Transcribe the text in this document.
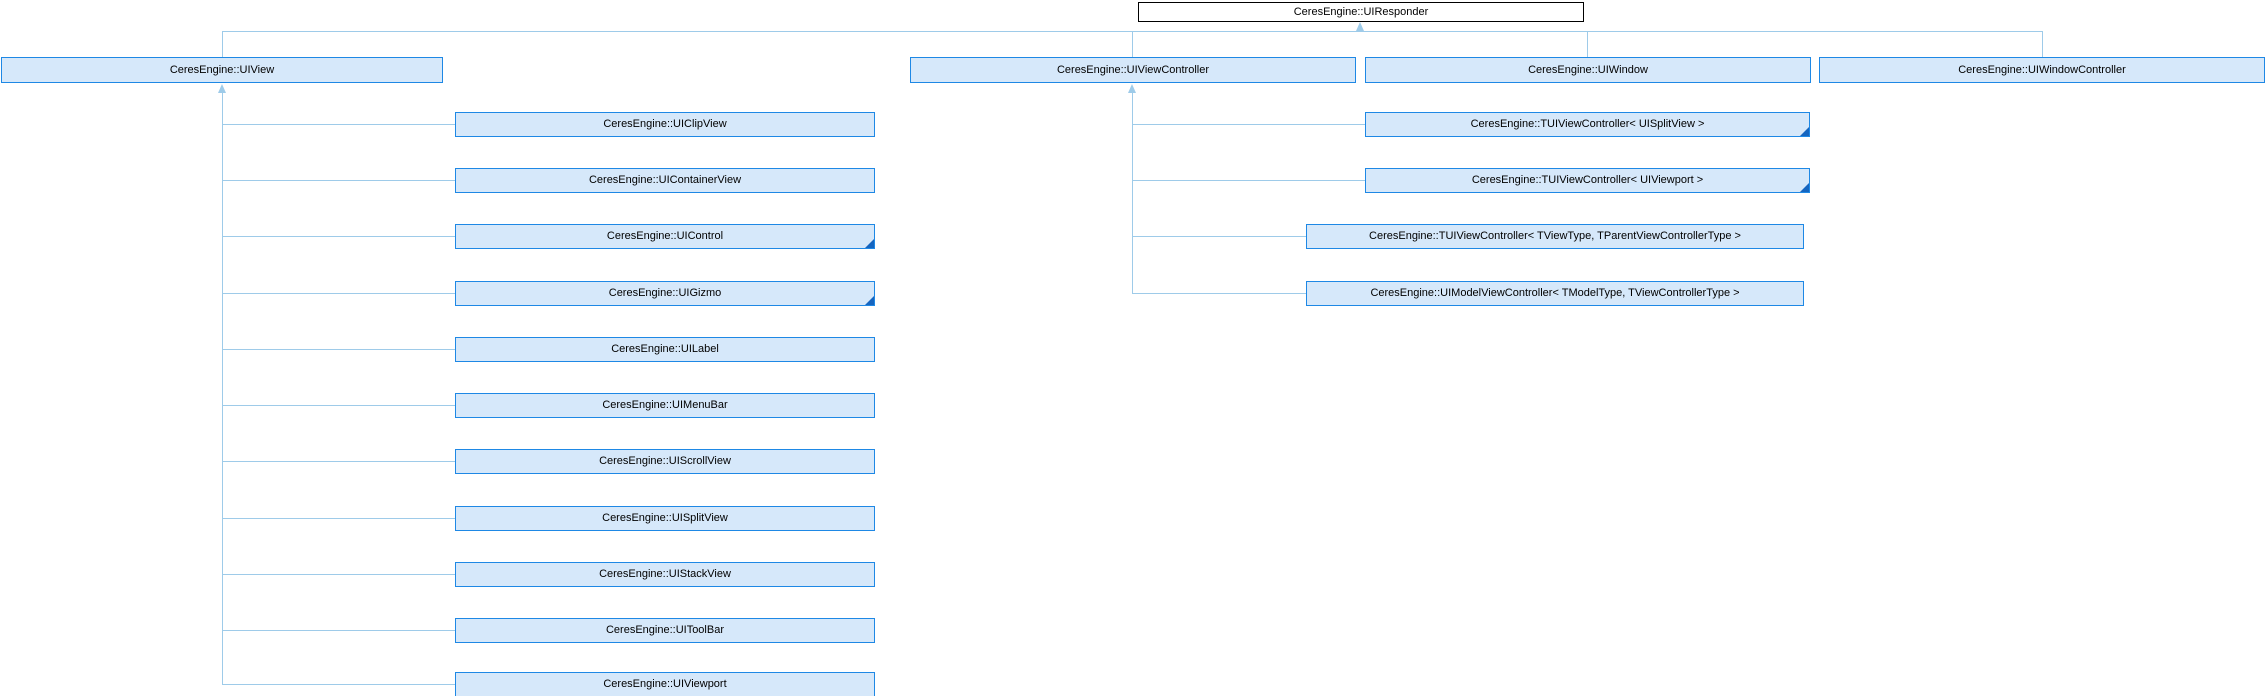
CeresEngine::UIResponder
CeresEngine::UIView	CeresEngine::UIViewController	CeresEngine::UIWindow	CeresEngine::UIWindowController
CeresEngine::UIClipView
CeresEngine::UIContainerView
CeresEngine::UIControl
CeresEngine::UIGizmo
CeresEngine::UILabel
CeresEngine::UIMenuBar
CeresEngine::UIScrollView
CeresEngine::UISplitView
CeresEngine::UIStackView
CeresEngine::UIToolBar
CeresEngine::UIViewport
CeresEngine::TUIViewController< UISplitView >
CeresEngine::TUIViewController< UIViewport >
CeresEngine::TUIViewController< TViewType, TParentViewControllerType >
CeresEngine::UIModelViewController< TModelType, TViewControllerType >
